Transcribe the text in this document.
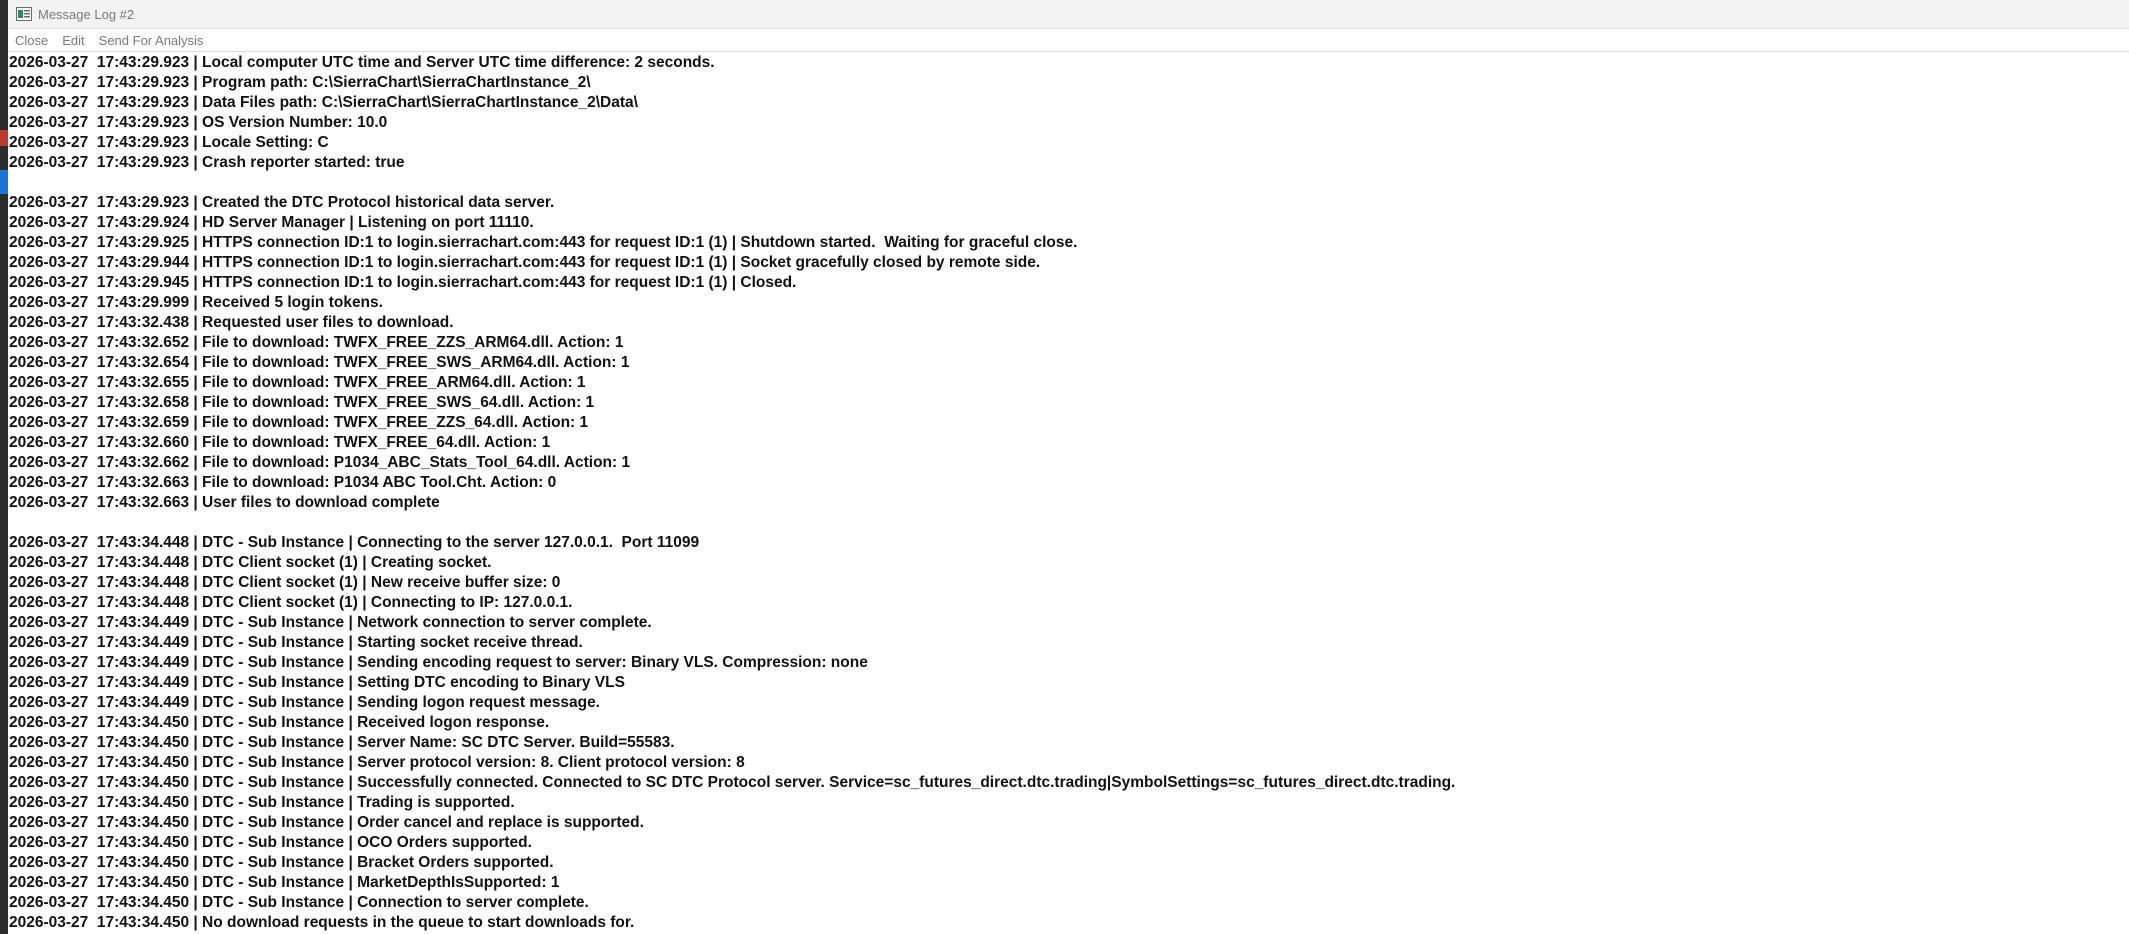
Message Log #2
Close	Edit	Send For Analysis
2026-03-27  17:43:29.923 | Local computer UTC time and Server UTC time difference: 2 seconds.
2026-03-27  17:43:29.923 | Program path: C:\SierraChart\SierraChartInstance_2\
2026-03-27  17:43:29.923 | Data Files path: C:\SierraChart\SierraChartInstance_2\Data\
2026-03-27  17:43:29.923 | OS Version Number: 10.0
2026-03-27  17:43:29.923 | Locale Setting: C
2026-03-27  17:43:29.923 | Crash reporter started: true
2026-03-27  17:43:29.923 | Created the DTC Protocol historical data server.
2026-03-27  17:43:29.924 | HD Server Manager | Listening on port 11110.
2026-03-27  17:43:29.925 | HTTPS connection ID:1 to login.sierrachart.com:443 for request ID:1 (1) | Shutdown started.  Waiting for graceful close.
2026-03-27  17:43:29.944 | HTTPS connection ID:1 to login.sierrachart.com:443 for request ID:1 (1) | Socket gracefully closed by remote side.
2026-03-27  17:43:29.945 | HTTPS connection ID:1 to login.sierrachart.com:443 for request ID:1 (1) | Closed.
2026-03-27  17:43:29.999 | Received 5 login tokens.
2026-03-27  17:43:32.438 | Requested user files to download.
2026-03-27  17:43:32.652 | File to download: TWFX_FREE_ZZS_ARM64.dll. Action: 1
2026-03-27  17:43:32.654 | File to download: TWFX_FREE_SWS_ARM64.dll. Action: 1
2026-03-27  17:43:32.655 | File to download: TWFX_FREE_ARM64.dll. Action: 1
2026-03-27  17:43:32.658 | File to download: TWFX_FREE_SWS_64.dll. Action: 1
2026-03-27  17:43:32.659 | File to download: TWFX_FREE_ZZS_64.dll. Action: 1
2026-03-27  17:43:32.660 | File to download: TWFX_FREE_64.dll. Action: 1
2026-03-27  17:43:32.662 | File to download: P1034_ABC_Stats_Tool_64.dll. Action: 1
2026-03-27  17:43:32.663 | File to download: P1034 ABC Tool.Cht. Action: 0
2026-03-27  17:43:32.663 | User files to download complete
2026-03-27  17:43:34.448 | DTC - Sub Instance | Connecting to the server 127.0.0.1.  Port 11099
2026-03-27  17:43:34.448 | DTC Client socket (1) | Creating socket.
2026-03-27  17:43:34.448 | DTC Client socket (1) | New receive buffer size: 0
2026-03-27  17:43:34.448 | DTC Client socket (1) | Connecting to IP: 127.0.0.1.
2026-03-27  17:43:34.449 | DTC - Sub Instance | Network connection to server complete.
2026-03-27  17:43:34.449 | DTC - Sub Instance | Starting socket receive thread.
2026-03-27  17:43:34.449 | DTC - Sub Instance | Sending encoding request to server: Binary VLS. Compression: none
2026-03-27  17:43:34.449 | DTC - Sub Instance | Setting DTC encoding to Binary VLS
2026-03-27  17:43:34.449 | DTC - Sub Instance | Sending logon request message.
2026-03-27  17:43:34.450 | DTC - Sub Instance | Received logon response.
2026-03-27  17:43:34.450 | DTC - Sub Instance | Server Name: SC DTC Server. Build=55583.
2026-03-27  17:43:34.450 | DTC - Sub Instance | Server protocol version: 8. Client protocol version: 8
2026-03-27  17:43:34.450 | DTC - Sub Instance | Successfully connected. Connected to SC DTC Protocol server. Service=sc_futures_direct.dtc.trading|SymbolSettings=sc_futures_direct.dtc.trading.
2026-03-27  17:43:34.450 | DTC - Sub Instance | Trading is supported.
2026-03-27  17:43:34.450 | DTC - Sub Instance | Order cancel and replace is supported.
2026-03-27  17:43:34.450 | DTC - Sub Instance | OCO Orders supported.
2026-03-27  17:43:34.450 | DTC - Sub Instance | Bracket Orders supported.
2026-03-27  17:43:34.450 | DTC - Sub Instance | MarketDepthIsSupported: 1
2026-03-27  17:43:34.450 | DTC - Sub Instance | Connection to server complete.
2026-03-27  17:43:34.450 | No download requests in the queue to start downloads for.
